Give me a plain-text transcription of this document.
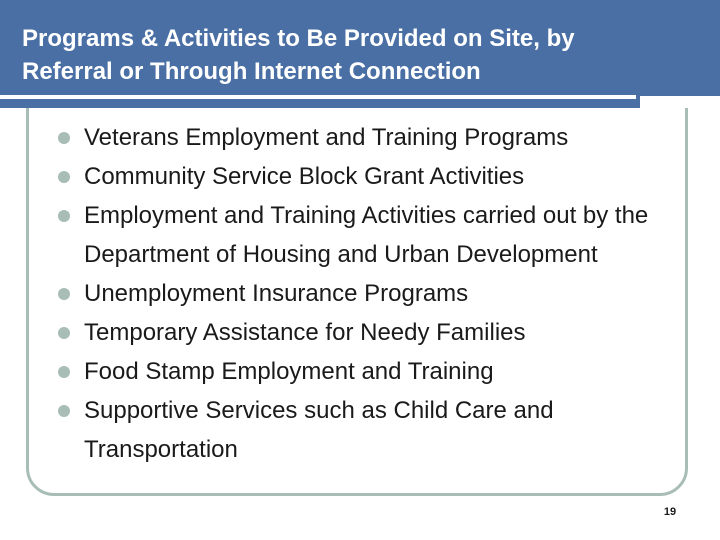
Programs & Activities to Be Provided on Site, by Referral or Through Internet Connection
Veterans Employment and Training Programs
Community Service Block Grant Activities
Employment and Training Activities carried out by the Department of Housing and Urban Development
Unemployment Insurance Programs
Temporary Assistance for Needy Families
Food Stamp Employment and Training
Supportive Services such as Child Care and Transportation
19
